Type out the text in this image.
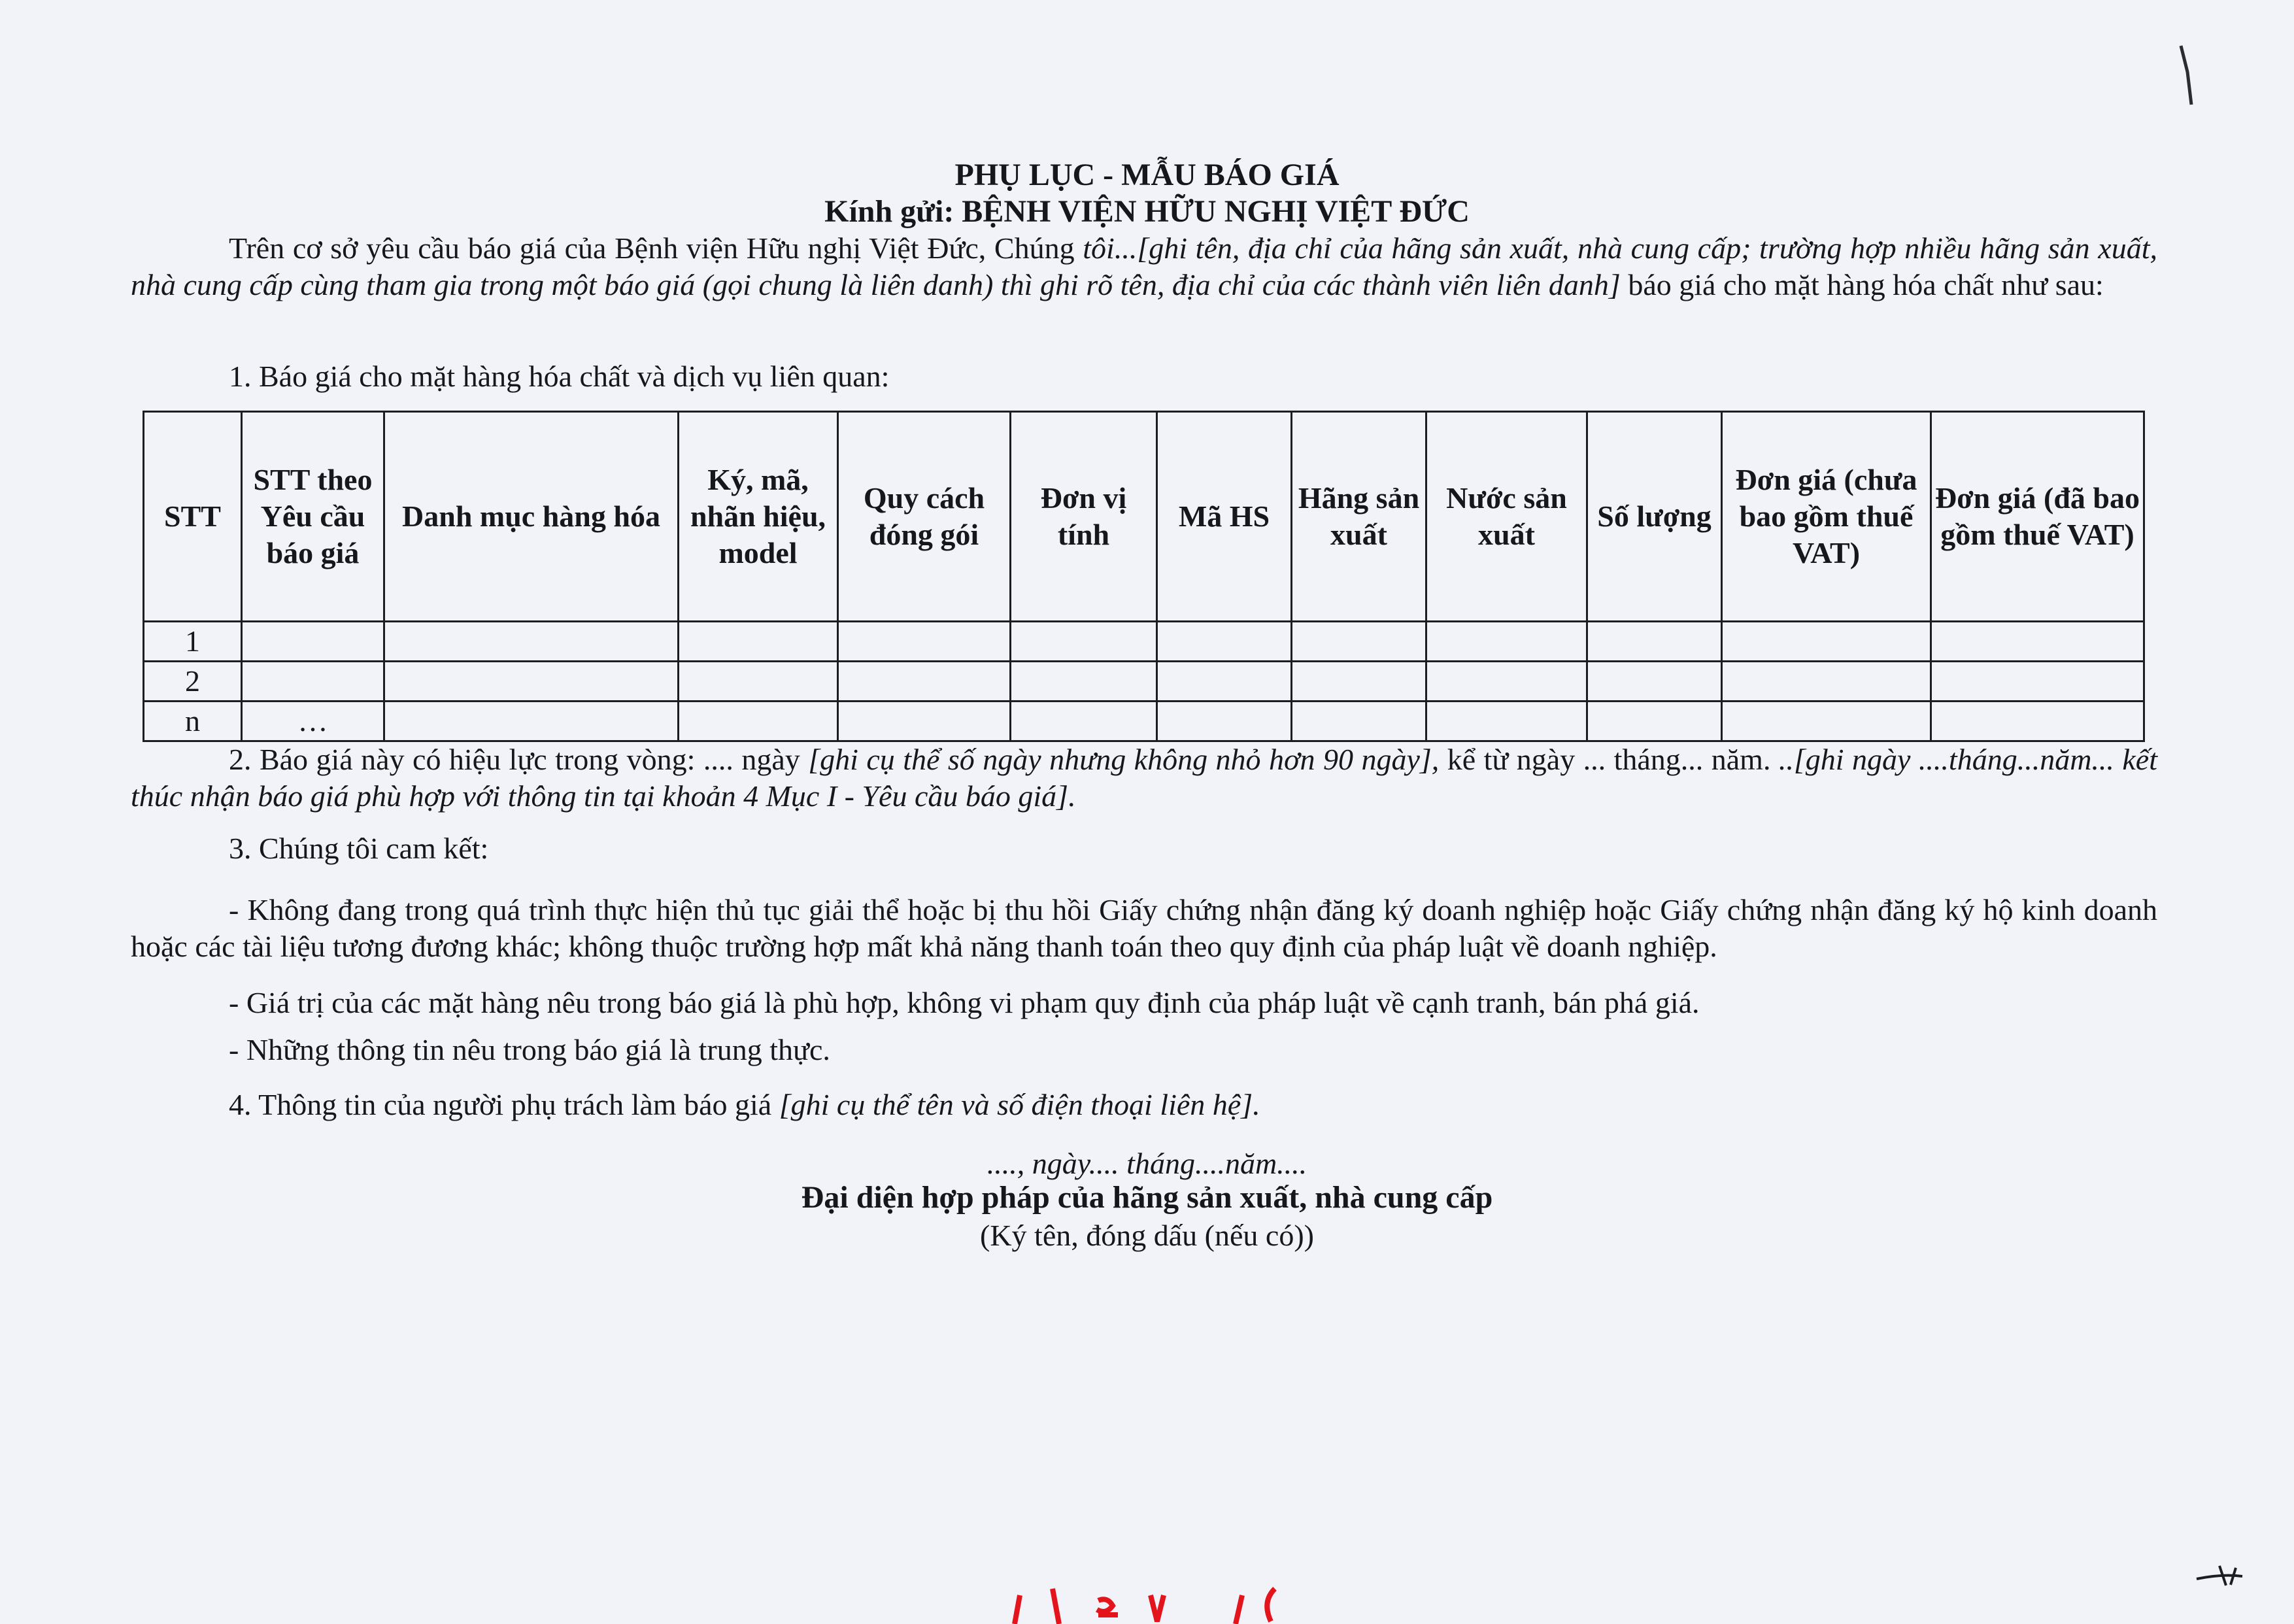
PHỤ LỤC - MẪU BÁO GIÁ
Kính gửi: BỆNH VIỆN HỮU NGHỊ VIỆT ĐỨC
Trên cơ sở yêu cầu báo giá của Bệnh viện Hữu nghị Việt Đức, Chúng tôi...[ghi tên, địa chỉ của hãng sản xuất, nhà cung cấp; trường hợp nhiều hãng sản xuất, nhà cung cấp cùng tham gia trong một báo giá (gọi chung là liên danh) thì ghi rõ tên, địa chỉ của các thành viên liên danh] báo giá cho mặt hàng hóa chất như sau:
1. Báo giá cho mặt hàng hóa chất và dịch vụ liên quan:
STT	STT theo Yêu cầu báo giá	Danh mục hàng hóa	Ký, mã, nhãn hiệu, model	Quy cách đóng gói	Đơn vị tính	Mã HS	Hãng sản xuất	Nước sản xuất	Số lượng	Đơn giá (chưa bao gồm thuế VAT)	Đơn giá (đã bao gồm thuế VAT)
1											
2											
n	…										
2. Báo giá này có hiệu lực trong vòng: .... ngày [ghi cụ thể số ngày nhưng không nhỏ hơn 90 ngày], kể từ ngày ... tháng... năm. ..[ghi ngày ....tháng...năm... kết thúc nhận báo giá phù hợp với thông tin tại khoản 4 Mục I - Yêu cầu báo giá].
3. Chúng tôi cam kết:
- Không đang trong quá trình thực hiện thủ tục giải thể hoặc bị thu hồi Giấy chứng nhận đăng ký doanh nghiệp hoặc Giấy chứng nhận đăng ký hộ kinh doanh hoặc các tài liệu tương đương khác; không thuộc trường hợp mất khả năng thanh toán theo quy định của pháp luật về doanh nghiệp.
- Giá trị của các mặt hàng nêu trong báo giá là phù hợp, không vi phạm quy định của pháp luật về cạnh tranh, bán phá giá.
- Những thông tin nêu trong báo giá là trung thực.
4. Thông tin của người phụ trách làm báo giá [ghi cụ thể tên và số điện thoại liên hệ].
...., ngày.... tháng....năm....
Đại diện hợp pháp của hãng sản xuất, nhà cung cấp
(Ký tên, đóng dấu (nếu có))
